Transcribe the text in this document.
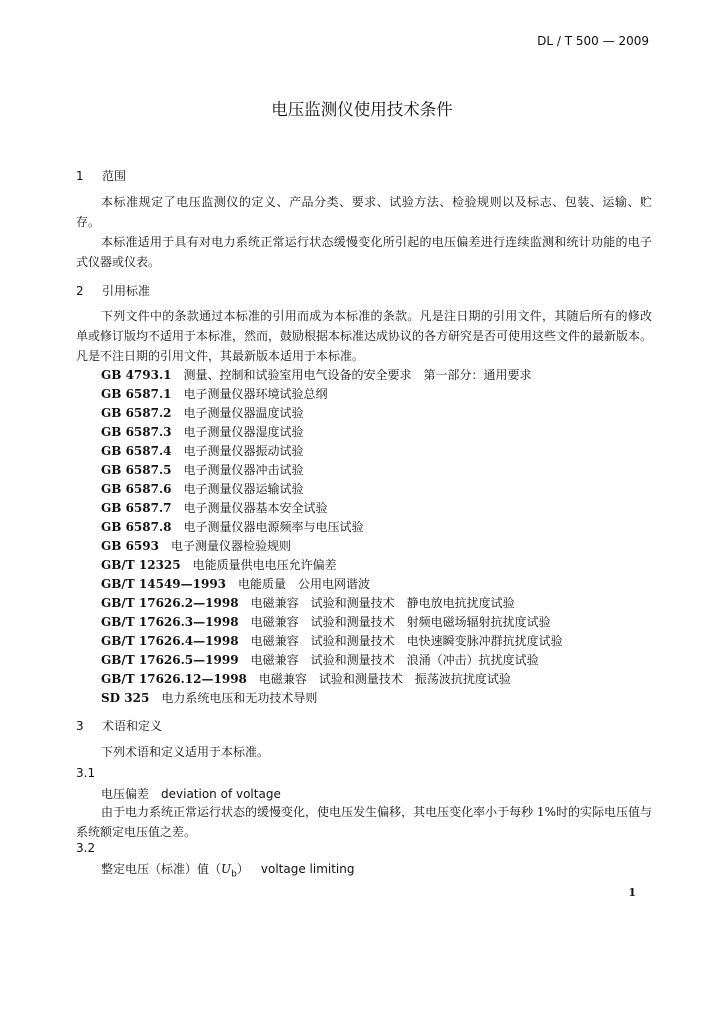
DL / T 500 — 2009
电压监测仪使用技术条件
1 范围
本标准规定了电压监测仪的定义、产品分类、要求、试验方法、检验规则以及标志、包装、运输、贮存。
本标准适用于具有对电力系统正常运行状态缓慢变化所引起的电压偏差进行连续监测和统计功能的电子式仪器或仪表。
2 引用标准
下列文件中的条款通过本标准的引用而成为本标准的条款。凡是注日期的引用文件，其随后所有的修改单或修订版均不适用于本标准，然而，鼓励根据本标准达成协议的各方研究是否可使用这些文件的最新版本。凡是不注日期的引用文件，其最新版本适用于本标准。
GB 4793.1 测量、控制和试验室用电气设备的安全要求　第一部分：通用要求
GB 6587.1 电子测量仪器环境试验总纲
GB 6587.2 电子测量仪器温度试验
GB 6587.3 电子测量仪器湿度试验
GB 6587.4 电子测量仪器振动试验
GB 6587.5 电子测量仪器冲击试验
GB 6587.6 电子测量仪器运输试验
GB 6587.7 电子测量仪器基本安全试验
GB 6587.8 电子测量仪器电源频率与电压试验
GB 6593 电子测量仪器检验规则
GB/T 12325 电能质量供电电压允许偏差
GB/T 14549—1993 电能质量　公用电网谐波
GB/T 17626.2—1998 电磁兼容　试验和测量技术　静电放电抗扰度试验
GB/T 17626.3—1998 电磁兼容　试验和测量技术　射频电磁场辐射抗扰度试验
GB/T 17626.4—1998 电磁兼容　试验和测量技术　电快速瞬变脉冲群抗扰度试验
GB/T 17626.5—1999 电磁兼容　试验和测量技术　浪涌（冲击）抗扰度试验
GB/T 17626.12—1998 电磁兼容　试验和测量技术　振荡波抗扰度试验
SD 325 电力系统电压和无功技术导则
3 术语和定义
下列术语和定义适用于本标准。
3.1
电压偏差 deviation of voltage
由于电力系统正常运行状态的缓慢变化，使电压发生偏移，其电压变化率小于每秒 1%时的实际电压值与系统额定电压值之差。
3.2
整定电压（标准）值$(U_b)$ voltage limiting
1
